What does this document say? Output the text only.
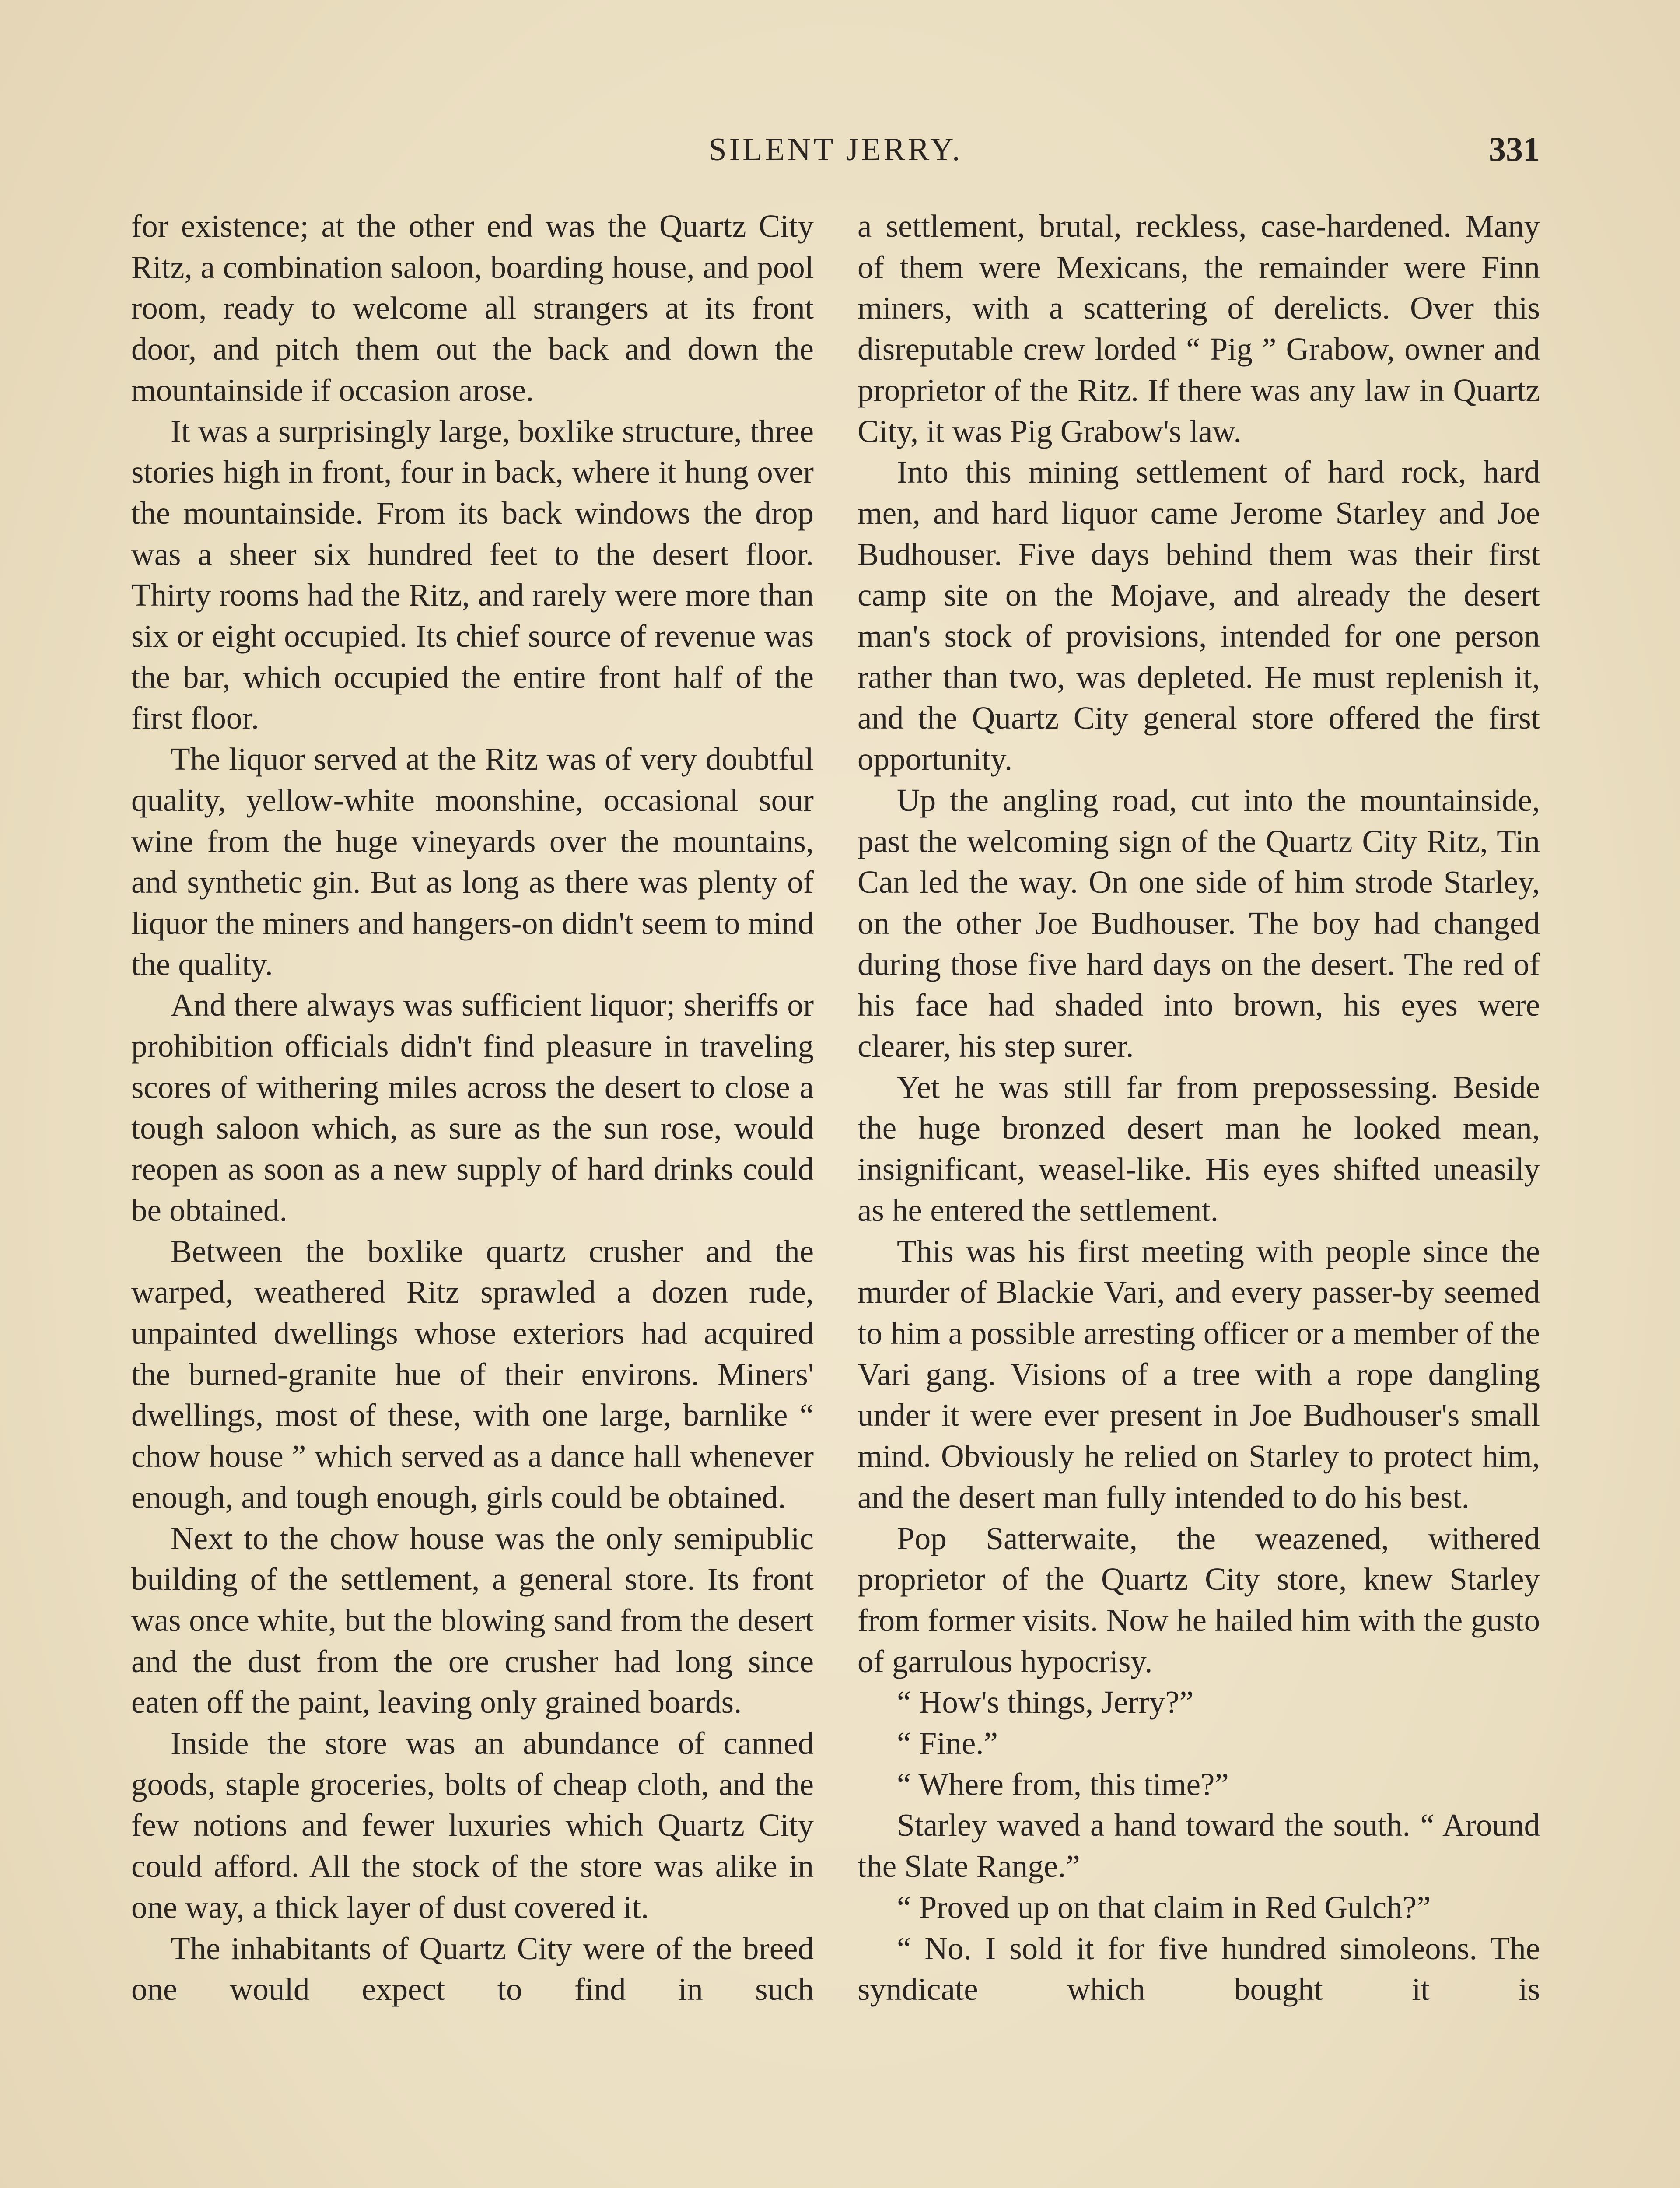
SILENT JERRY.	331

for existence; at the other end was the Quartz City Ritz, a combination saloon, boarding house, and pool room, ready to welcome all strangers at its front door, and pitch them out the back and down the mountainside if occasion arose.

It was a surprisingly large, boxlike structure, three stories high in front, four in back, where it hung over the mountainside. From its back windows the drop was a sheer six hundred feet to the desert floor. Thirty rooms had the Ritz, and rarely were more than six or eight occupied. Its chief source of revenue was the bar, which occupied the entire front half of the first floor.

The liquor served at the Ritz was of very doubtful quality, yellow-white moonshine, occasional sour wine from the huge vineyards over the mountains, and synthetic gin. But as long as there was plenty of liquor the miners and hangers-on didn't seem to mind the quality.

And there always was sufficient liquor; sheriffs or prohibition officials didn't find pleasure in traveling scores of withering miles across the desert to close a tough saloon which, as sure as the sun rose, would reopen as soon as a new supply of hard drinks could be obtained.

Between the boxlike quartz crusher and the warped, weathered Ritz sprawled a dozen rude, unpainted dwellings whose exteriors had acquired the burned-granite hue of their environs. Miners' dwellings, most of these, with one large, barnlike “ chow house ” which served as a dance hall whenever enough, and tough enough, girls could be obtained.

Next to the chow house was the only semipublic building of the settlement, a general store. Its front was once white, but the blowing sand from the desert and the dust from the ore crusher had long since eaten off the paint, leaving only grained boards.

Inside the store was an abundance of canned goods, staple groceries, bolts of cheap cloth, and the few notions and fewer luxuries which Quartz City could afford. All the stock of the store was alike in one way, a thick layer of dust covered it.

The inhabitants of Quartz City were of the breed one would expect to find in such

a settlement, brutal, reckless, case-hardened. Many of them were Mexicans, the remainder were Finn miners, with a scattering of derelicts. Over this disreputable crew lorded “ Pig ” Grabow, owner and proprietor of the Ritz. If there was any law in Quartz City, it was Pig Grabow's law.

Into this mining settlement of hard rock, hard men, and hard liquor came Jerome Starley and Joe Budhouser. Five days behind them was their first camp site on the Mojave, and already the desert man's stock of provisions, intended for one person rather than two, was depleted. He must replenish it, and the Quartz City general store offered the first opportunity.

Up the angling road, cut into the mountainside, past the welcoming sign of the Quartz City Ritz, Tin Can led the way. On one side of him strode Starley, on the other Joe Budhouser. The boy had changed during those five hard days on the desert. The red of his face had shaded into brown, his eyes were clearer, his step surer.

Yet he was still far from prepossessing. Beside the huge bronzed desert man he looked mean, insignificant, weasel-like. His eyes shifted uneasily as he entered the settlement.

This was his first meeting with people since the murder of Blackie Vari, and every passer-by seemed to him a possible arresting officer or a member of the Vari gang. Visions of a tree with a rope dangling under it were ever present in Joe Budhouser's small mind. Obviously he relied on Starley to protect him, and the desert man fully intended to do his best.

Pop Satterwaite, the weazened, withered proprietor of the Quartz City store, knew Starley from former visits. Now he hailed him with the gusto of garrulous hypocrisy.

“ How's things, Jerry?”

“ Fine.”

“ Where from, this time?”

Starley waved a hand toward the south. “ Around the Slate Range.”

“ Proved up on that claim in Red Gulch?”

“ No. I sold it for five hundred simoleons. The syndicate which bought it is
